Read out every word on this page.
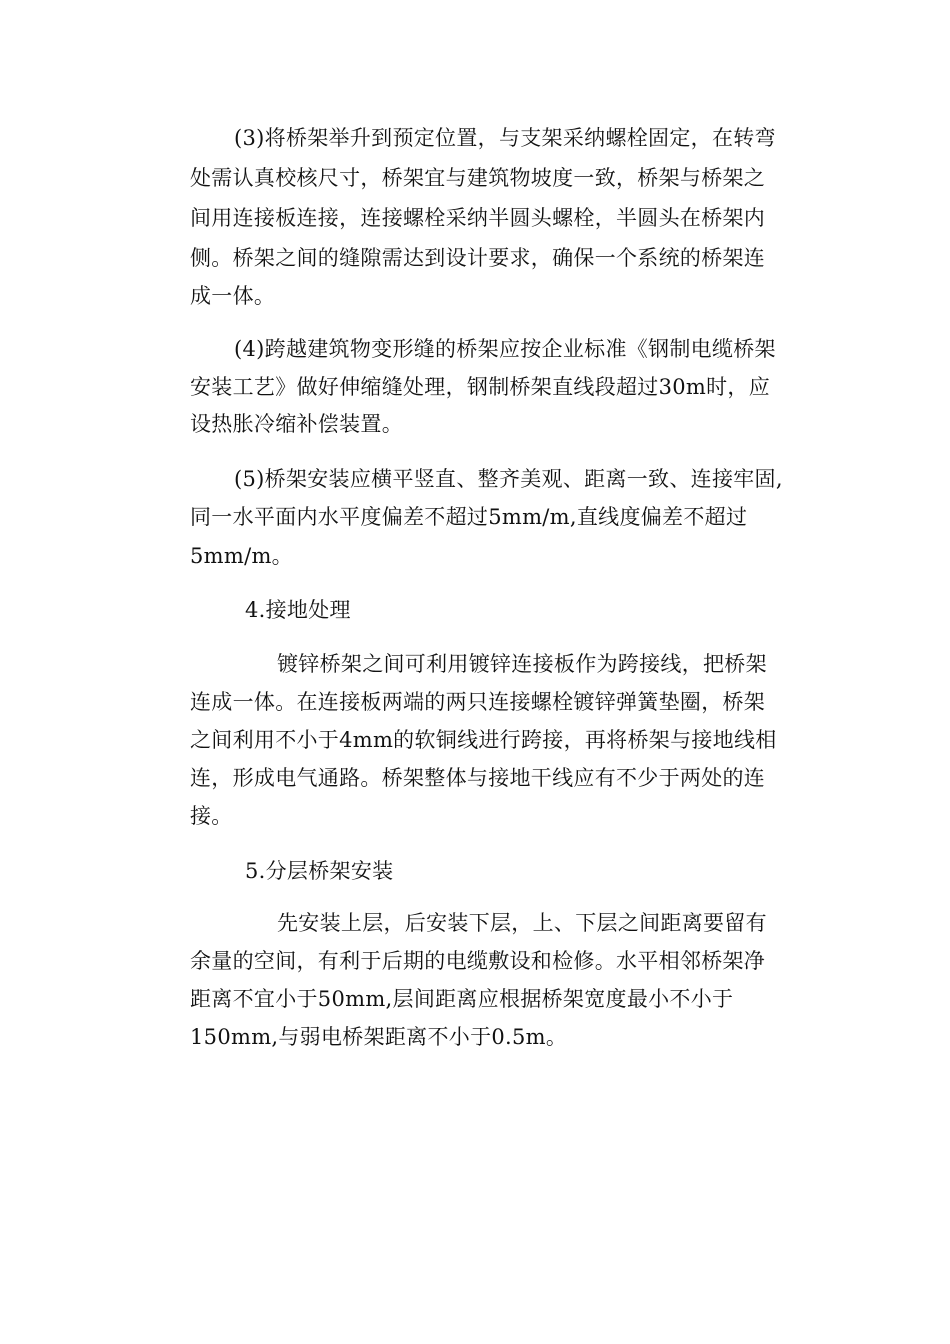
(3)将桥架举升到预定位置，与支架采纳螺栓固定，在转弯
处需认真校核尺寸，桥架宜与建筑物坡度一致，桥架与桥架之
间用连接板连接，连接螺栓采纳半圆头螺栓，半圆头在桥架内
侧。桥架之间的缝隙需达到设计要求，确保一个系统的桥架连
成一体。
(4)跨越建筑物变形缝的桥架应按企业标准《钢制电缆桥架
安装工艺》做好伸缩缝处理，钢制桥架直线段超过30m时，应
设热胀冷缩补偿装置。
(5)桥架安装应横平竖直、整齐美观、距离一致、连接牢固,
同一水平面内水平度偏差不超过5mm/m,直线度偏差不超过
5mm/m。
4.接地处理
镀锌桥架之间可利用镀锌连接板作为跨接线，把桥架
连成一体。在连接板两端的两只连接螺栓镀锌弹簧垫圈，桥架
之间利用不小于4mm的软铜线进行跨接，再将桥架与接地线相
连，形成电气通路。桥架整体与接地干线应有不少于两处的连
接。
5.分层桥架安装
先安装上层，后安装下层，上、下层之间距离要留有
余量的空间，有利于后期的电缆敷设和检修。水平相邻桥架净
距离不宜小于50mm,层间距离应根据桥架宽度最小不小于
150mm,与弱电桥架距离不小于0.5m。
